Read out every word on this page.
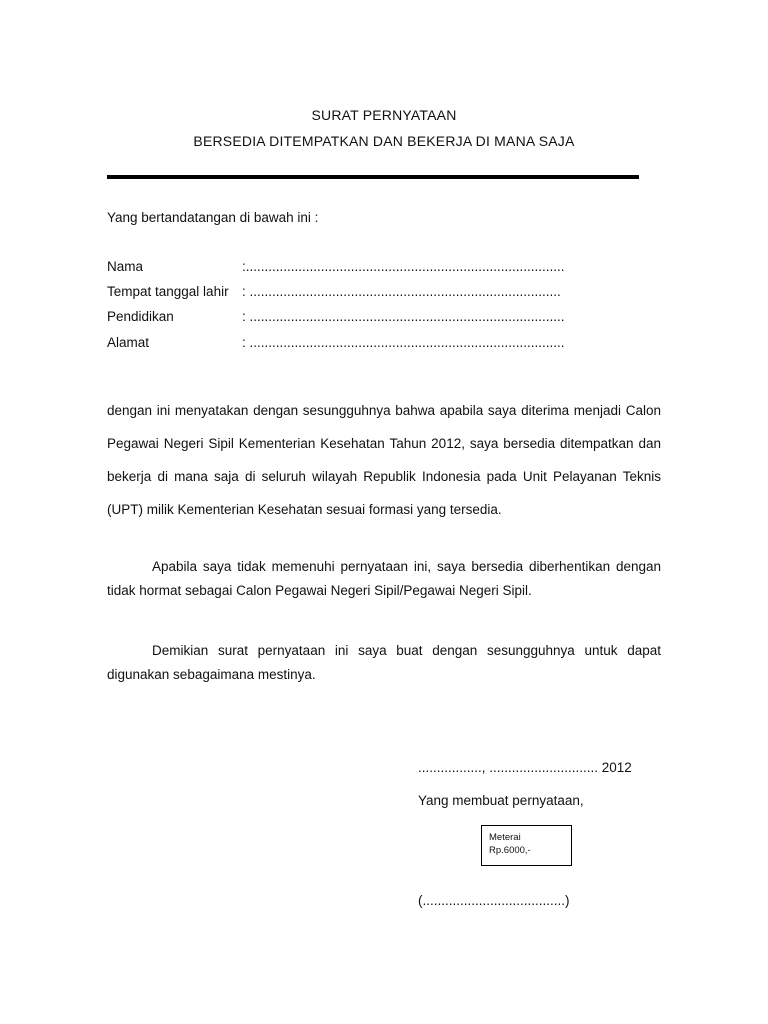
SURAT PERNYATAAN
BERSEDIA DITEMPATKAN DAN BEKERJA DI MANA SAJA
Yang bertandatangan di bawah ini :
Nama	:.....................................................................................
Tempat tanggal lahir : ...................................................................................
Pendidikan	: ....................................................................................
Alamat	: ....................................................................................
dengan ini menyatakan dengan sesungguhnya bahwa apabila saya diterima menjadi Calon
Pegawai Negeri Sipil Kementerian Kesehatan Tahun 2012, saya bersedia ditempatkan dan
bekerja di mana saja di seluruh wilayah Republik Indonesia pada Unit Pelayanan Teknis
(UPT) milik Kementerian Kesehatan sesuai formasi yang tersedia.
Apabila saya tidak memenuhi pernyataan ini, saya bersedia diberhentikan dengan
tidak hormat sebagai Calon Pegawai Negeri Sipil/Pegawai Negeri Sipil.
Demikian surat pernyataan ini saya buat dengan sesungguhnya untuk dapat
digunakan sebagaimana mestinya.
................., ............................. 2012
Yang membuat pernyataan,
Meterai
Rp.6000,-
(......................................)
